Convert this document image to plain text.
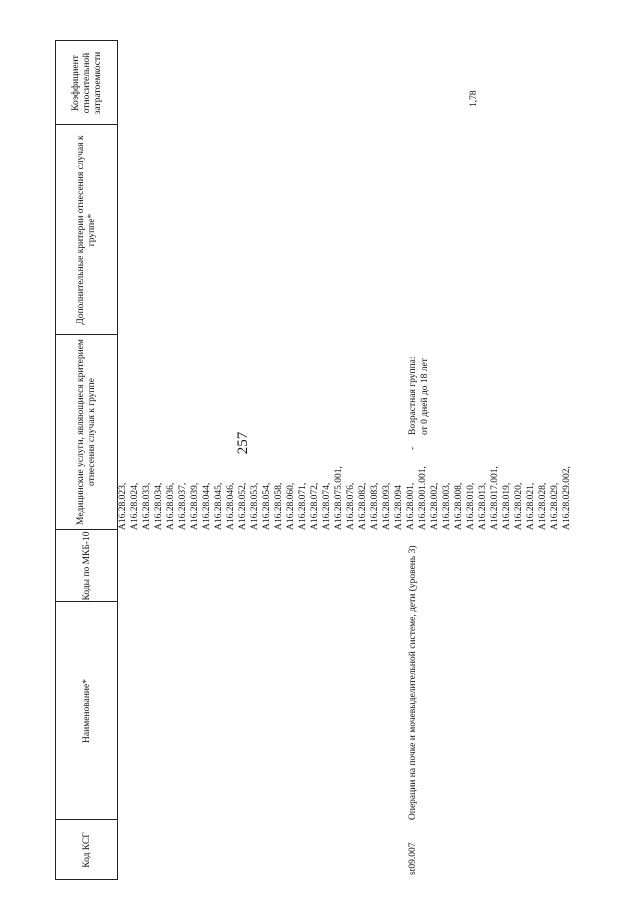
257
Код КСГ
Наименование*
Коды по МКБ-10
Медицинские услуги, являющиеся критерием отнесения случая к группе
Дополнительные критерии отнесения случая к группе*
Коэффициент относительной затратоемкости
st09.007
Операции на почке и мочевыделительной системе, дети (уровень 3)
-
Возрастная группа: от 0 дней до 18 лет
1,78
A16.28.023, A16.28.024, A16.28.033, A16.28.034, A16.28.036, A16.28.037, A16.28.039, A16.28.044, A16.28.045, A16.28.046, A16.28.052, A16.28.053, A16.28.054, A16.28.058, A16.28.060, A16.28.071, A16.28.072, A16.28.074, A16.28.075.001, A16.28.076, A16.28.082, A16.28.083, A16.28.093, A16.28.094 A16.28.001, A16.28.001.001, A16.28.002, A16.28.003, A16.28.008, A16.28.010, A16.28.013, A16.28.017.001, A16.28.019, A16.28.020, A16.28.021, A16.28.028, A16.28.029, A16.28.029.002,
